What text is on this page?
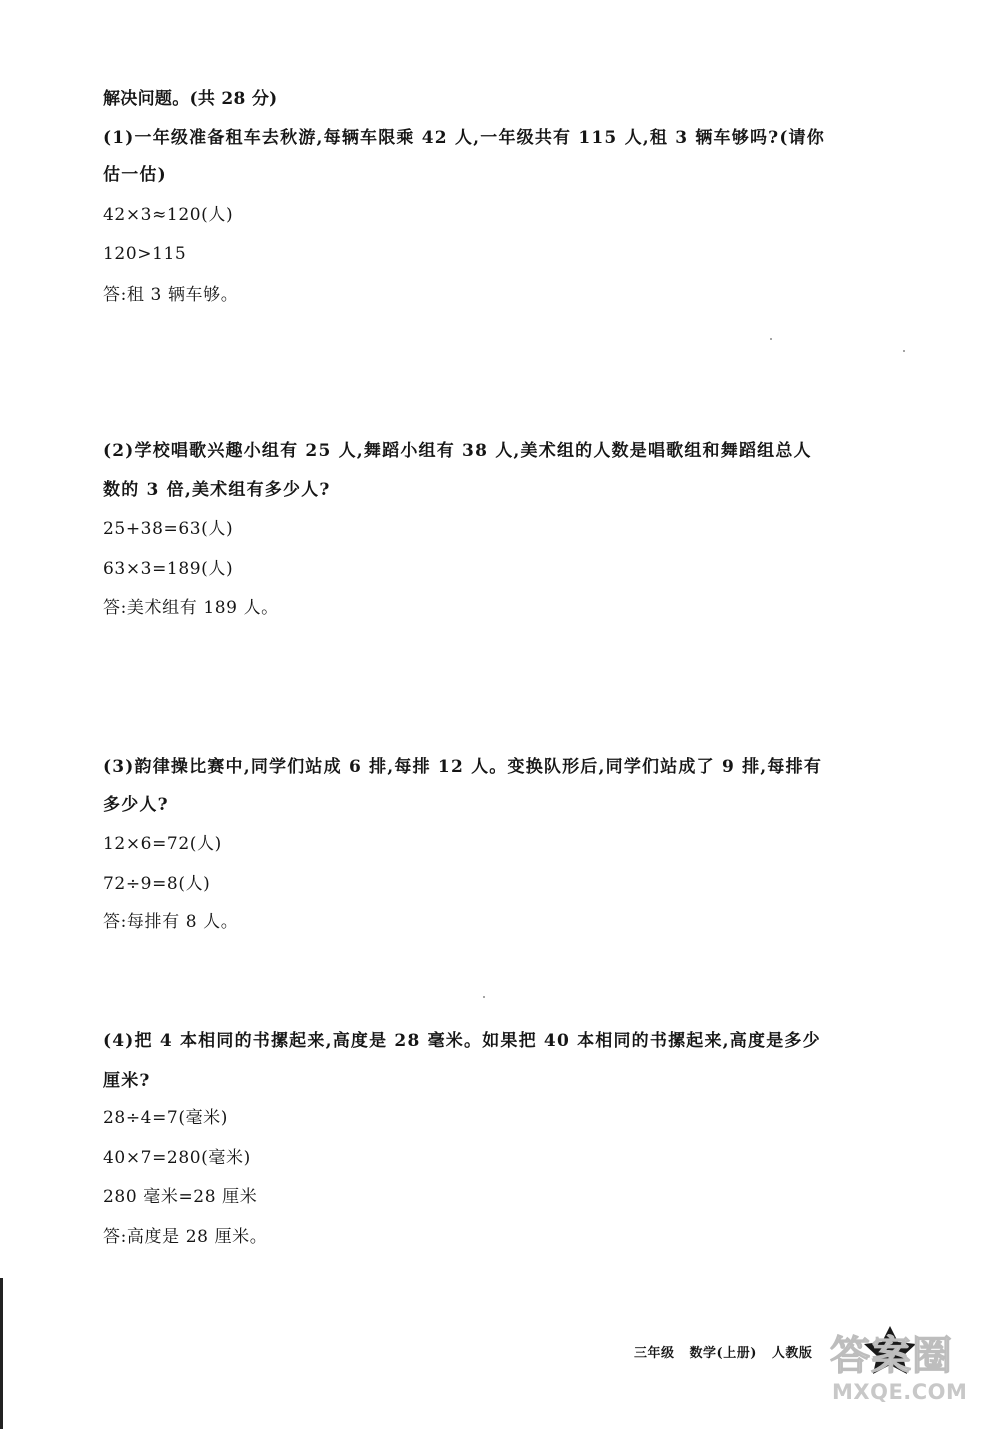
解决问题。(共 28 分)
(1)一年级准备租车去秋游,每辆车限乘 42 人,一年级共有 115 人,租 3 辆车够吗?(请你
估一估)
42×3≈120(人)
120>115
答:租 3 辆车够。
(2)学校唱歌兴趣小组有 25 人,舞蹈小组有 38 人,美术组的人数是唱歌组和舞蹈组总人
数的 3 倍,美术组有多少人?
25+38=63(人)
63×3=189(人)
答:美术组有 189 人。
(3)韵律操比赛中,同学们站成 6 排,每排 12 人。变换队形后,同学们站成了 9 排,每排有
多少人?
12×6=72(人)
72÷9=8(人)
答:每排有 8 人。
(4)把 4 本相同的书摞起来,高度是 28 毫米。如果把 40 本相同的书摞起来,高度是多少
厘米?
28÷4=7(毫米)
40×7=280(毫米)
280 毫米=28 厘米
答:高度是 28 厘米。
三年级 数学(上册) 人教版 答案圈
MXQE.COM
